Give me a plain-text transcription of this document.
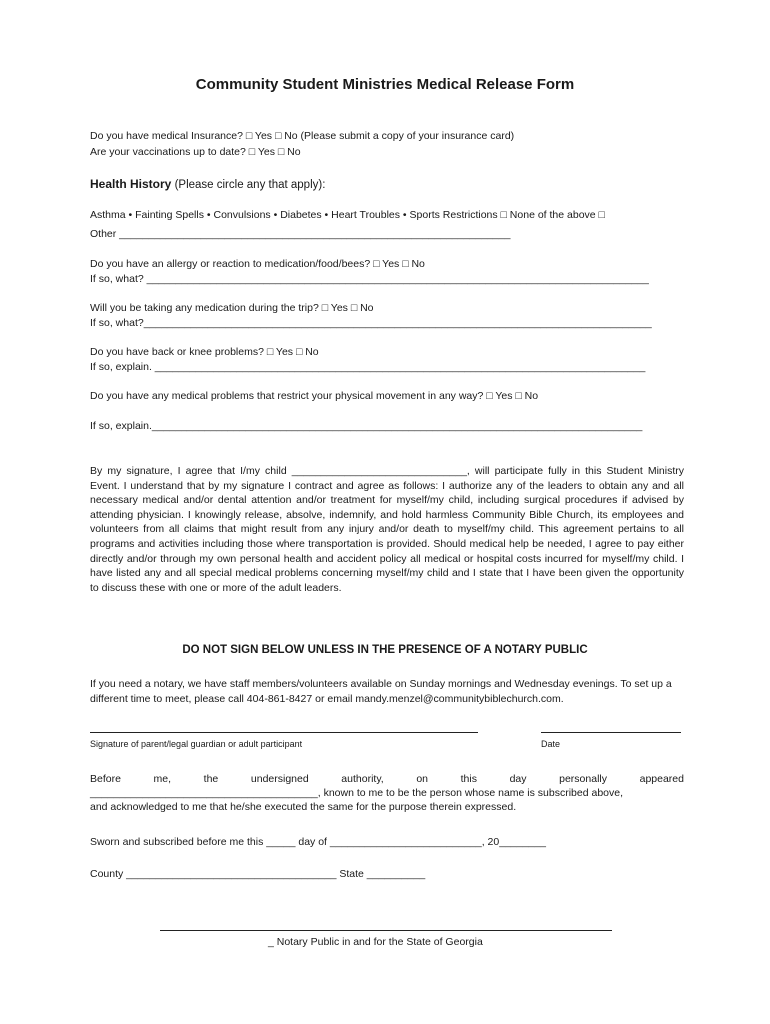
Community Student Ministries Medical Release Form
Do you have medical Insurance? □ Yes □ No (Please submit a copy of your insurance card)
Are your vaccinations up to date? □ Yes □ No
Health History (Please circle any that apply):
Asthma • Fainting Spells • Convulsions • Diabetes • Heart Troubles • Sports Restrictions □ None of the above □
Other ___________________________________________________________________
Do you have an allergy or reaction to medication/food/bees? □ Yes □ No
If so, what? ______________________________________________________________________________________
Will you be taking any medication during the trip? □ Yes □ No
If so, what?_______________________________________________________________________________________
Do you have back or knee problems? □ Yes □ No
If so, explain. ____________________________________________________________________________________
Do you have any medical problems that restrict your physical movement in any way? □ Yes □ No
If so, explain.____________________________________________________________________________________
By my signature, I agree that I/my child ______________________________, will participate fully in this Student Ministry Event. I understand that by my signature I contract and agree as follows: I authorize any of the leaders to obtain any and all necessary medical and/or dental attention and/or treatment for myself/my child, including surgical procedures if advised by attending physician. I knowingly release, absolve, indemnify, and hold harmless Community Bible Church, its employees and volunteers from all claims that might result from any injury and/or death to myself/my child. This agreement pertains to all programs and activities including those where transportation is provided. Should medical help be needed, I agree to pay either directly and/or through my own personal health and accident policy all medical or hospital costs incurred for myself/my child. I have listed any and all special medical problems concerning myself/my child and I state that I have been given the opportunity to discuss these with one or more of the adult leaders.
DO NOT SIGN BELOW UNLESS IN THE PRESENCE OF A NOTARY PUBLIC
If you need a notary, we have staff members/volunteers available on Sunday mornings and Wednesday evenings. To set up a different time to meet, please call 404-861-8427 or email mandy.menzel@communitybiblechurch.com.
Signature of parent/legal guardian or adult participant	Date
Before	me,	the	undersigned	authority,	on	this	day	personally	appeared
_______________________________________, known to me to be the person whose name is subscribed above,
and acknowledged to me that he/she executed the same for the purpose therein expressed.
Sworn and subscribed before me this _____ day of __________________________, 20________
County ____________________________________ State __________
_ Notary Public in and for the State of Georgia
